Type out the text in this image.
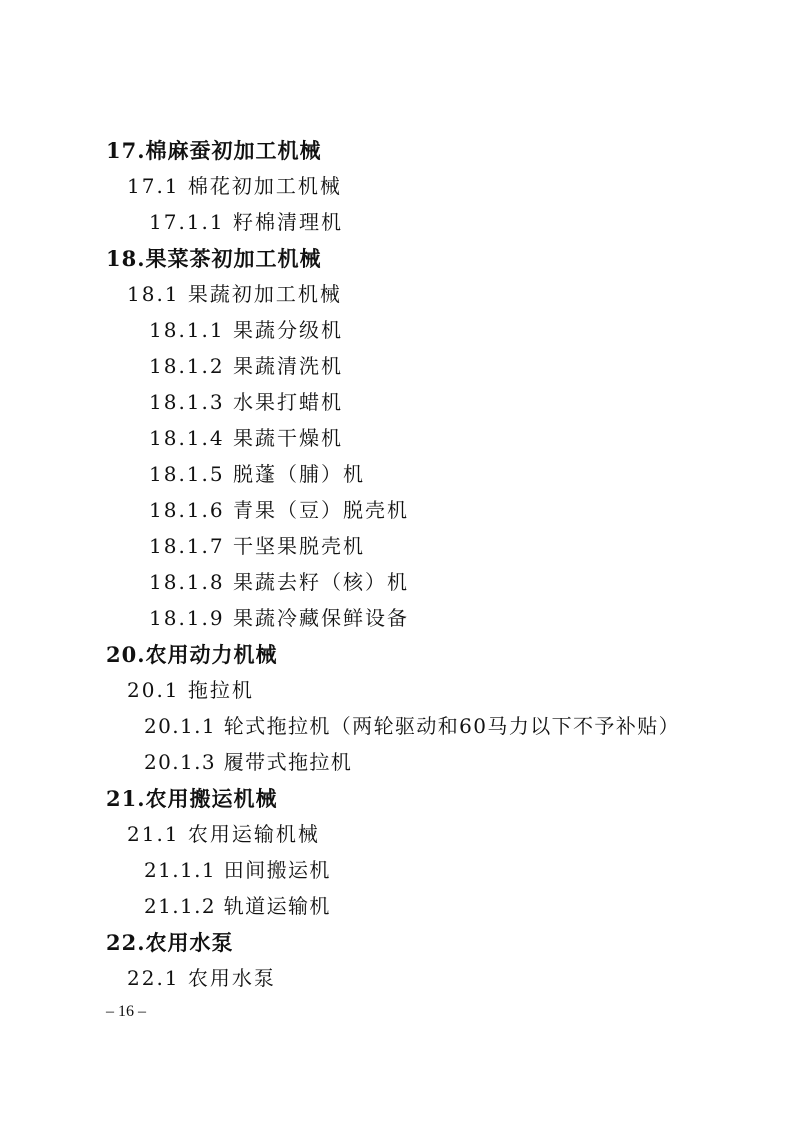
17.棉麻蚕初加工机械
17.1 棉花初加工机械
17.1.1 籽棉清理机
18.果菜茶初加工机械
18.1 果蔬初加工机械
18.1.1 果蔬分级机
18.1.2 果蔬清洗机
18.1.3 水果打蜡机
18.1.4 果蔬干燥机
18.1.5 脱蓬（脯）机
18.1.6 青果（豆）脱壳机
18.1.7 干坚果脱壳机
18.1.8 果蔬去籽（核）机
18.1.9 果蔬冷藏保鲜设备
20.农用动力机械
20.1 拖拉机
20.1.1 轮式拖拉机（两轮驱动和60马力以下不予补贴）
20.1.3 履带式拖拉机
21.农用搬运机械
21.1 农用运输机械
21.1.1 田间搬运机
21.1.2 轨道运输机
22.农用水泵
22.1 农用水泵
– 16 –
